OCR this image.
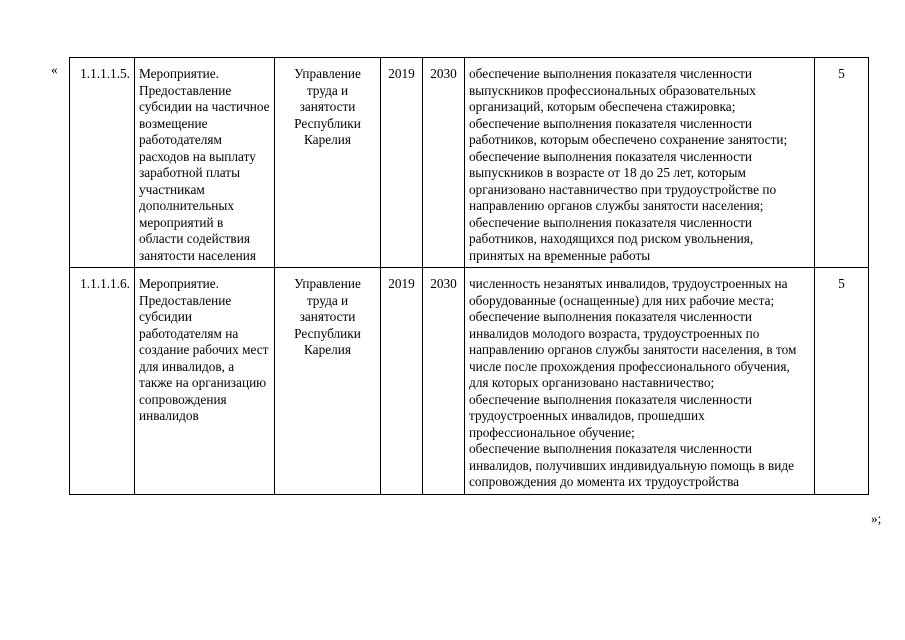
« 1.1.1.1.5.	Мероприятие. Предоставление субсидии на частичное возмещение работодателям расходов на выплату заработной платы участникам дополнительных мероприятий в области содействия занятости населения	Управление труда и занятости Республики Карелия	2019	2030	обеспечение выполнения показателя численности выпускников профессиональных образовательных организаций, которым обеспечена стажировка;
обеспечение выполнения показателя численности работников, которым обеспечено сохранение занятости;
обеспечение выполнения показателя численности выпускников в возрасте от 18 до 25 лет, которым организовано наставничество при трудоустройстве по направлению органов службы занятости населения;
обеспечение выполнения показателя численности работников, находящихся под риском увольнения, принятых на временные работы	5
1.1.1.1.6.	Мероприятие. Предоставление субсидии работодателям на создание рабочих мест для инвалидов, а также на организацию сопровождения инвалидов	Управление труда и занятости Республики Карелия	2019	2030	численность незанятых инвалидов, трудоустроенных на оборудованные (оснащенные) для них рабочие места;
обеспечение выполнения показателя численности инвалидов молодого возраста, трудоустроенных по направлению органов службы занятости населения, в том числе после прохождения профессионального обучения, для которых организовано наставничество;
обеспечение выполнения показателя численности трудоустроенных инвалидов, прошедших профессиональное обучение;
обеспечение выполнения показателя численности инвалидов, получивших индивидуальную помощь в виде сопровождения до момента их трудоустройства	5
»;
